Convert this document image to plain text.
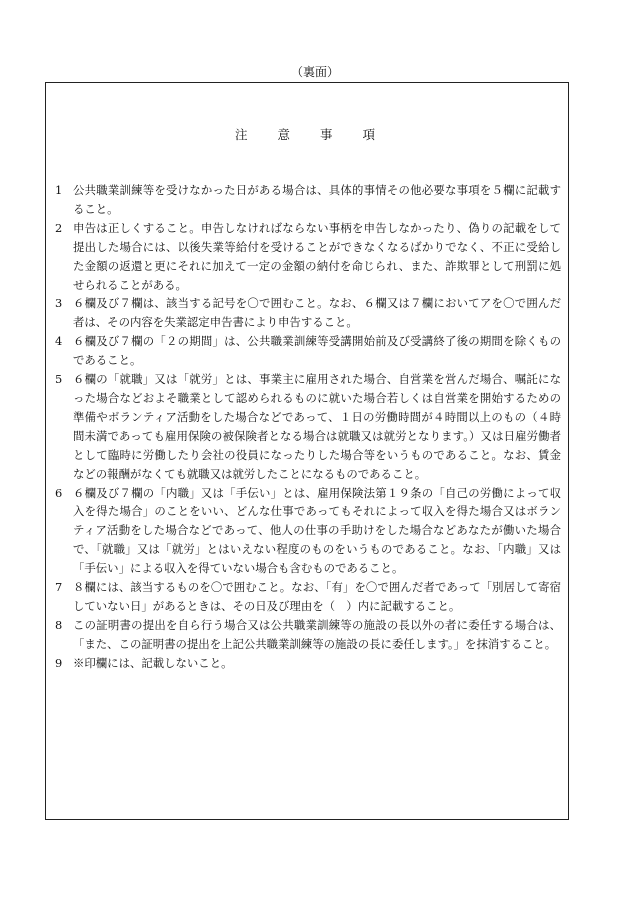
（裏面）
注 意 事 項
1 公共職業訓練等を受けなかった日がある場合は、具体的事情その他必要な事項を５欄に記載すること。
2 申告は正しくすること。申告しなければならない事柄を申告しなかったり、偽りの記載をして提出した場合には、以後失業等給付を受けることができなくなるばかりでなく、不正に受給した金額の返還と更にそれに加えて一定の金額の納付を命じられ、また、詐欺罪として刑罰に処せられることがある。
3 ６欄及び７欄は、該当する記号を〇で囲むこと。なお、６欄又は７欄においてアを〇で囲んだ者は、その内容を失業認定申告書により申告すること。
4 ６欄及び７欄の「２の期間」は、公共職業訓練等受講開始前及び受講終了後の期間を除くものであること。
5 ６欄の「就職」又は「就労」とは、事業主に雇用された場合、自営業を営んだ場合、嘱託になった場合などおよそ職業として認められるものに就いた場合若しくは自営業を開始するための準備やボランティア活動をした場合などであって、１日の労働時間が４時間以上のもの（４時間未満であっても雇用保険の被保険者となる場合は就職又は就労となります。）又は日雇労働者として臨時に労働したり会社の役員になったりした場合等をいうものであること。なお、賃金などの報酬がなくても就職又は就労したことになるものであること。
6 ６欄及び７欄の「内職」又は「手伝い」とは、雇用保険法第１９条の「自己の労働によって収入を得た場合」のことをいい、どんな仕事であってもそれによって収入を得た場合又はボランティア活動をした場合などであって、他人の仕事の手助けをした場合などあなたが働いた場合で、「就職」又は「就労」とはいえない程度のものをいうものであること。なお、「内職」又は「手伝い」による収入を得ていない場合も含むものであること。
7 ８欄には、該当するものを〇で囲むこと。なお、「有」を〇で囲んだ者であって「別居して寄宿していない日」があるときは、その日及び理由を（　）内に記載すること。
8 この証明書の提出を自ら行う場合又は公共職業訓練等の施設の長以外の者に委任する場合は、「また、この証明書の提出を上記公共職業訓練等の施設の長に委任します。」を抹消すること。
9 ※印欄には、記載しないこと。
